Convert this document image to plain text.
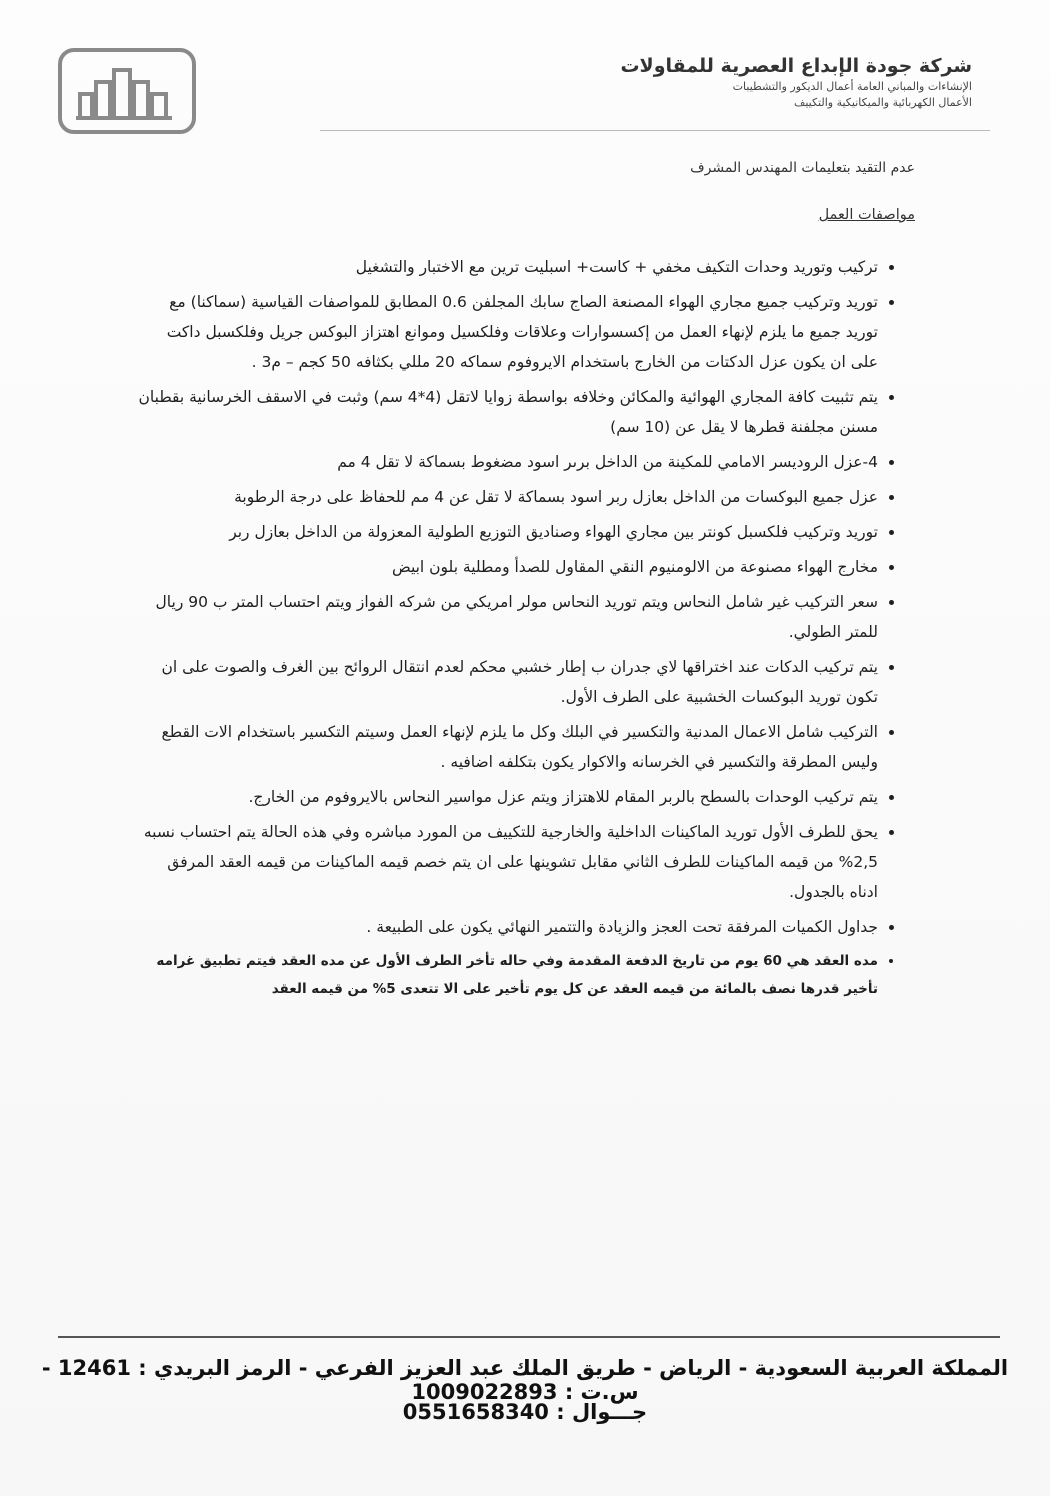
شركة جودة الإبداع العصرية للمقاولات
الإنشاءات والمباني العامة أعمال الديكور والتشطيبات
الأعمال الكهربائية والميكانيكية والتكييف
عدم التقيد بتعليمات المهندس المشرف
مواصفات العمل
• تركيب وتوريد وحدات التكيف مخفي + كاست+ اسبليت ترين مع الاختبار والتشغيل
• توريد وتركيب جميع مجاري الهواء المصنعة الصاج سابك المجلفن 0.6 المطابق للمواصفات القياسية (سماكنا) مع توريد جميع ما يلزم لإنهاء العمل من إكسسوارات وعلاقات وفلكسيل وموانع اهتزاز البوكس جريل وفلكسبل داكت على ان يكون عزل الدكتات من الخارج باستخدام الايروفوم سماكه 20 مللي بكثافه 50 كجم – م3 .
• يتم تثبيت كافة المجاري الهوائية والمكائن وخلافه بواسطة زوايا لاتقل (4*4 سم) وثبت في الاسقف الخرسانية بقطبان مسنن مجلفنة قطرها لا يقل عن (10 سم)
• 4-عزل الروديسر الامامي للمكينة من الداخل برىر اسود مضغوط بسماكة لا تقل 4 مم
• عزل جميع البوكسات من الداخل بعازل ربر اسود بسماكة لا تقل عن 4 مم للحفاظ على درجة الرطوبة
• توريد وتركيب فلكسبل كونتر بين مجاري الهواء وصناديق التوزيع الطولية المعزولة من الداخل بعازل ربر
• مخارج الهواء مصنوعة من الالومنيوم النقي المقاول للصدأ ومطلية بلون ابيض
• سعر التركيب غير شامل النحاس ويتم توريد النحاس مولر امريكي من شركه الفواز ويتم احتساب المتر ب 90 ريال للمتر الطولي.
• يتم تركيب الدكات عند اختراقها لاي جدران ب إطار خشبي محكم لعدم انتقال الروائح بين الغرف والصوت على ان تكون توريد البوكسات الخشبية على الطرف الأول.
• التركيب شامل الاعمال المدنية والتكسير في البلك وكل ما يلزم لإنهاء العمل وسيتم التكسير باستخدام الات القطع وليس المطرقة والتكسير في الخرسانه والاكوار يكون بتكلفه اضافيه .
• يتم تركيب الوحدات بالسطح بالربر المقام للاهتزاز ويتم عزل مواسير النحاس بالايروفوم من الخارج.
• يحق للطرف الأول توريد الماكينات الداخلية والخارجية للتكييف من المورد مباشره وفي هذه الحالة يتم احتساب نسبه 2,5% من قيمه الماكينات للطرف الثاني مقابل تشوينها على ان يتم خصم قيمه الماكينات من قيمه العقد المرفق ادناه بالجدول.
• جداول الكميات المرفقة تحت العجز والزيادة والتتمير النهائي يكون على الطبيعة .
• مده العقد هي 60 يوم من تاريخ الدفعة المقدمة وفي حاله تأخر الطرف الأول عن مده العقد فيتم تطبيق غرامه تأخير قدرها نصف بالمائة من قيمه العقد عن كل يوم تأخير على الا تتعدى 5% من قيمه العقد
المملكة العربية السعودية - الرياض - طريق الملك عبد العزيز الفرعي - الرمز البريدي : 12461 - س.ت : 1009022893
جـــوال : 0551658340
